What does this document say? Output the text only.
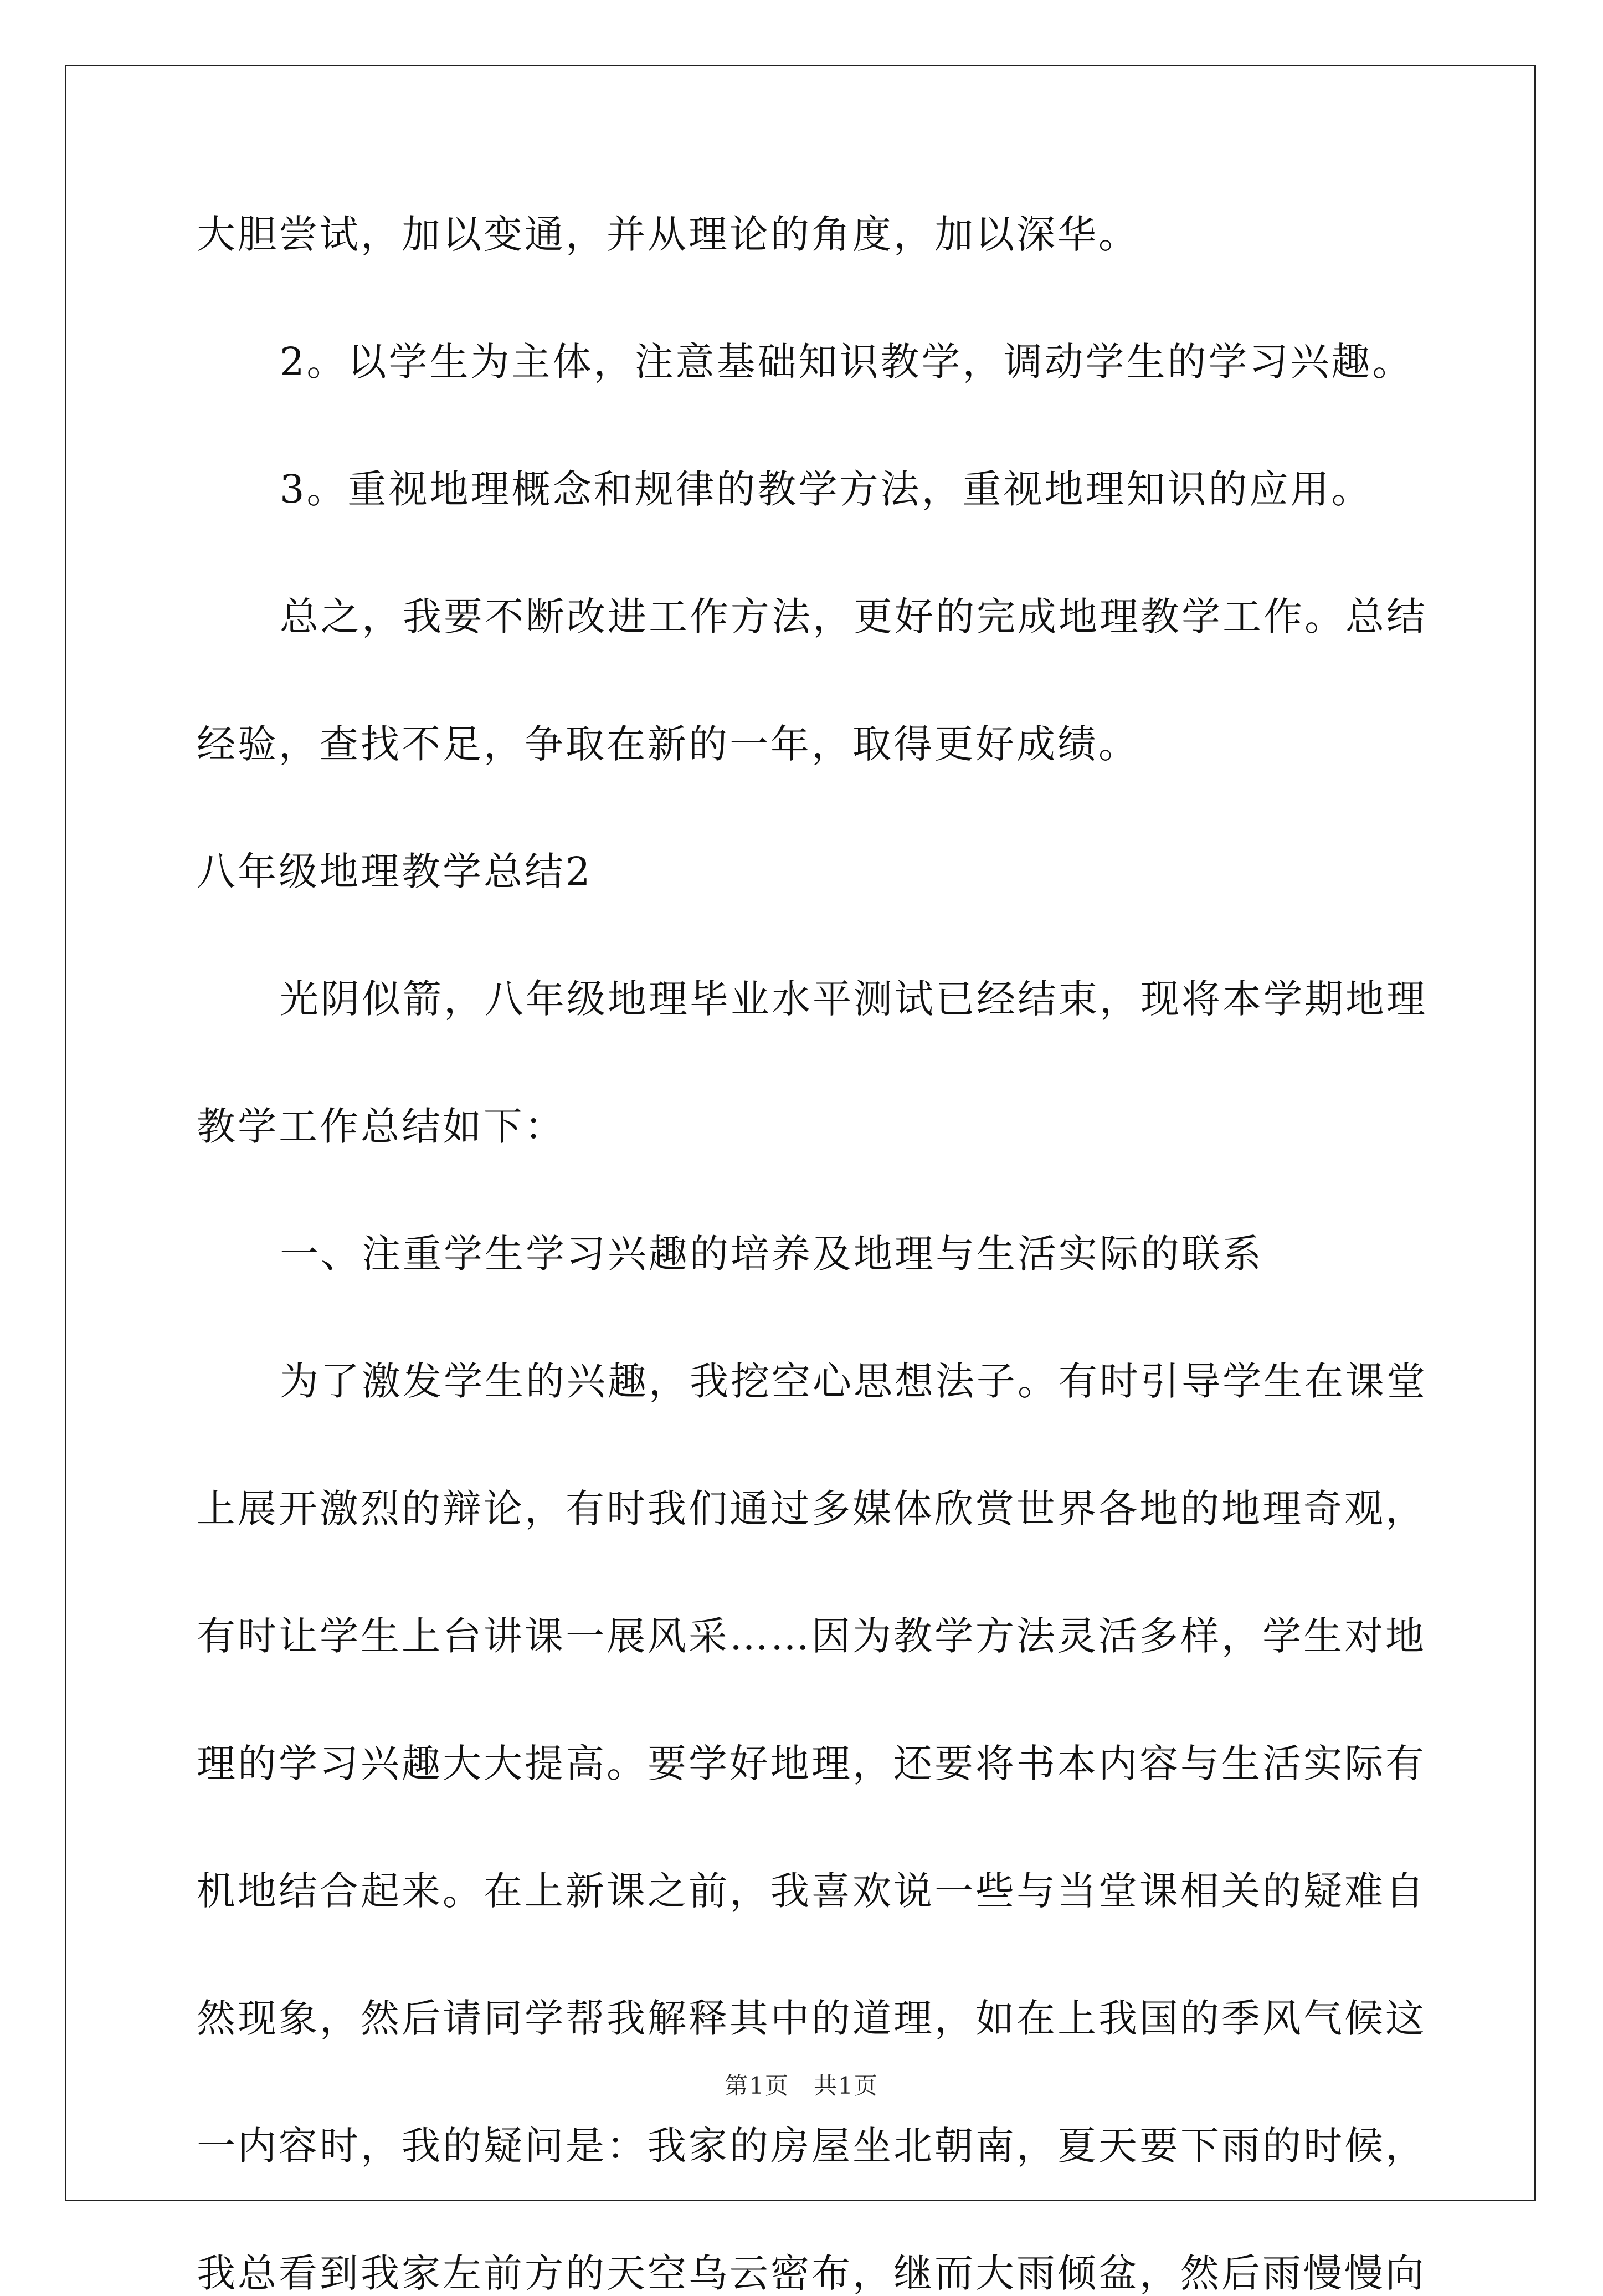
大胆尝试，加以变通，并从理论的角度，加以深华。
2。以学生为主体，注意基础知识教学，调动学生的学习兴趣。
3。重视地理概念和规律的教学方法，重视地理知识的应用。
总之，我要不断改进工作方法，更好的完成地理教学工作。总结
经验，查找不足，争取在新的一年，取得更好成绩。
八年级地理教学总结2
光阴似箭，八年级地理毕业水平测试已经结束，现将本学期地理
教学工作总结如下：
一、注重学生学习兴趣的培养及地理与生活实际的联系
为了激发学生的兴趣，我挖空心思想法子。有时引导学生在课堂
上展开激烈的辩论，有时我们通过多媒体欣赏世界各地的地理奇观，
有时让学生上台讲课一展风采……因为教学方法灵活多样，学生对地
理的学习兴趣大大提高。要学好地理，还要将书本内容与生活实际有
机地结合起来。在上新课之前，我喜欢说一些与当堂课相关的疑难自
然现象，然后请同学帮我解释其中的道理，如在上我国的季风气候这
一内容时，我的疑问是：我家的房屋坐北朝南，夏天要下雨的时候，
我总看到我家左前方的天空乌云密布，继而大雨倾盆，然后雨慢慢向
第1页　共1页
